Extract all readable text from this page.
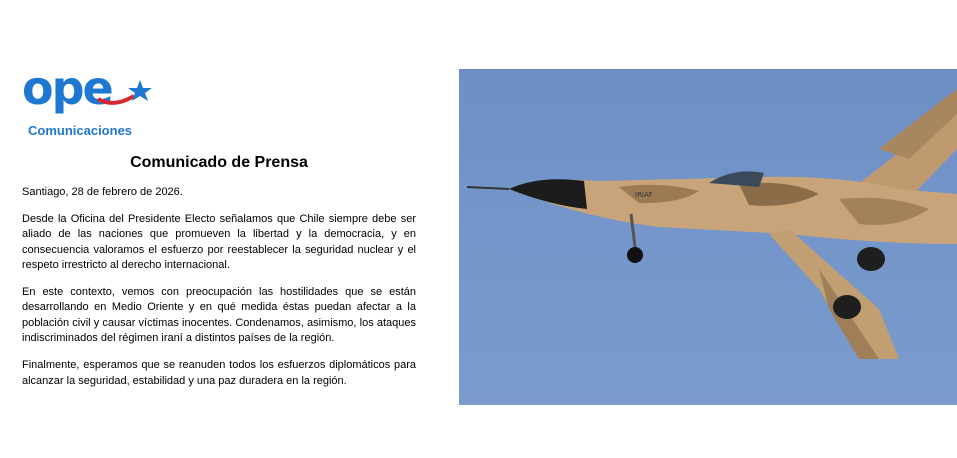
ope
Comunicaciones
Comunicado de Prensa
Santiago, 28 de febrero de 2026.

Desde la Oficina del Presidente Electo señalamos que Chile siempre debe ser aliado de las naciones que promueven la libertad y la democracia, y en consecuencia valoramos el esfuerzo por reestablecer la seguridad nuclear y el respeto irrestricto al derecho internacional.

En este contexto, vemos con preocupación las hostilidades que se están desarrollando en Medio Oriente y en qué medida éstas puedan afectar a la población civil y causar víctimas inocentes. Condenamos, asimismo, los ataques indiscriminados del régimen iraní a distintos países de la región.

Finalmente, esperamos que se reanuden todos los esfuerzos diplomáticos para alcanzar la seguridad, estabilidad y una paz duradera en la región.

IRIAF
